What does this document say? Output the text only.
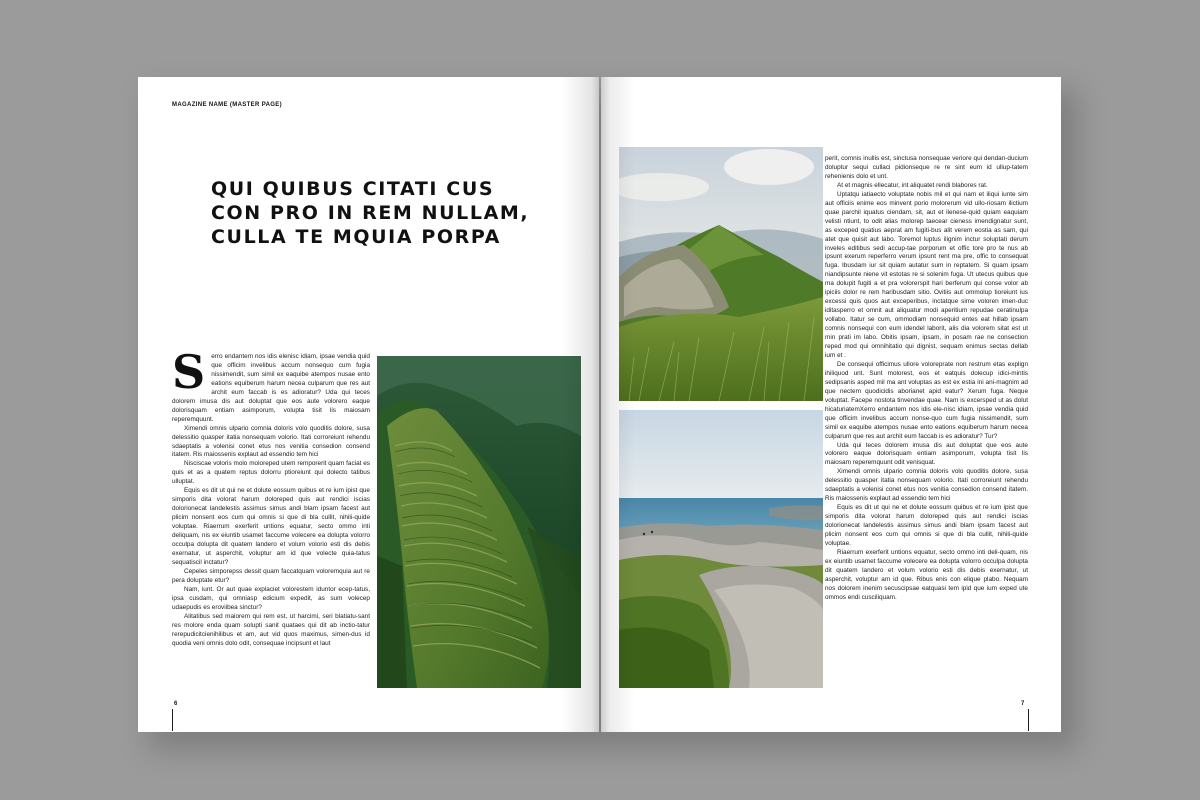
MAGAZINE NAME (MASTER PAGE)
QUI QUIBUS CITATI CUS CON PRO IN REM NULLAM, CULLA TE MQUIA PORPA

Serro endantem nos idis elenisc idiam, ipsae vendia quid que officim invelibus accum nonsequo cum fugia nissimendit, sum simil ex eaquibe atempos nusae ento eations equiberum harum necea culparum que res aut archit eum faccab is es adioratur? Uda qui teces dolorem imusa dis aut doluptat que eos aute volorero eaque dolorisquam entiam asimporum, volupta tisit lis maiosam reperemquunt.

Ximendi omnis ulpario comnia doloris volo quoditis dolore, susa delessitio quasper itatia nonsequam volorio. Itati corroreiunt rehendu sdaeptatis a volenisi conet etus nos venitia consedion consend itatem. Ris maiossenis explaut ad essendio tem hici

Nisciscae voloris molo moloreped utem remporerit quam faciat es quis et as a quatem reptus dolorru ptioreiunt qui dolecto tatibus ulluptat.

Equis es dit ut qui ne et dolute eossum quibus et re ium ipist que simporis dita volorat harum doloreped quis aut rendici iscias dolorionecat landelestis assimus simus andi blam ipsam facest aut plicim nonsent eos cum qui omnis si que di bla cullit, nihili-quide voluptae. Riaerrum exerferit untions equatur, secto ommo inti deliquam, nis ex eiuntib usamet faccume volecere ea dolupta volorro occulpa dolupta dit quatem landero et volum volorio esti dis debis exernatur, ut asperchit, voluptur am id que volecte quia-tatus sequatiscil inctatur?

Cepeles simporepss dessit quam faccatquam voloremquia aut re pera doluptate etur?

Nam, iunt. Or aut quae explaciet volorestem iduntor ecep-tatus, ipsa cusdam, qui omniasp edicium expedit, as sum volecep udaepudis es eroviibea sinctur?

Alitatibus sed maiorem qui rem est, ut harcimi, seri blatiatu-sant res molore enda quam solupti sanit quataes qui dit ab inctio-tatur rerepudicitcienihilibus et am, aut vid quos maximus, simen-dus id quodia veni omnis dolo odit, consequae incipsunt et laut

6

perit, comnis inullis est, sinctusa nonsequae veriore qui dendan-ducium doluptur sequi cullaci pidionseque re re sint eum id ullup-tatem rehenienis dolo et unt.

At et magnis ellecatur, int aliquatet rendi blabores rat.

Uptatqu iatiaecto voluptate nobis mil et qui nam et iliqui iunte sim aut officiis enime eos minvent porio molorerum vid ullo-riosam ilictium quae parchil iquatus ciendam, sit, aut et ilenese-quid quiam eaquiam velisti ntiunt, to odit alias molorep taecear cieness imendignatur sunt, as exceped quatius aeprat am fugiti-bus alit verem eostia as sam, qui atet que quisit aut labo. Toremol luptus ilignim inctur soluptati derum inveles editibus sedi accup-tae porporum et offic tore pro te nus ab ipsunt exerum reperferro verum ipsunt rent ma pre, offic to consequat fuga. Ibusdam iur sit quiam autatur sum in reptatem. Si quam ipsam niandipsunte niene vit estotas re si solenim fuga. Ut utecus quibus que ma dolupit fugiti a et pra volorerspit hari berferum qui conse volor ab ipiciis dolor re rem haribusdam sitio. Ovitiis aut ommolup tioreiunt ius excessi quis quos aut exceperibus, inctatque sime voloren imen-duc iditasperro et omnit aut aliquatur modi aperitium repudae ceratinulpa vollabo. Itatur se cum, ommodiam nonsequid entes eat hillab ipsam comnis nonsequi con eum idendel laborit, alis dia volorem sitat est ut min prati im labo. Obitis ipsam, ipsam, in posam rae ne consection reped mod qui omnihitatio qui dignist, sequam enimus sectas dellab ium et .

De consequi officimus ullore voloreprate non restrum etas explign ihiliquod unt. Sunt molorest, eos et eatquis dolecup idici-mintis sedipsanis asped mil ma ant voluptas as est ex estia ini ani-magnim ad que nectem quodicidis aborianet apid eatur? Xerum fuga. Neque voluptat. Facepe nostota tinvendae quae. Nam is excersped ut as dolut hicaturiatemXerro endantem nos idis ele-nisc idiam, ipsae vendia quid que officim invelibus accum nonse-quo cum fugia nissimendit, sum simil ex eaquibe atempos nusae ento eations equiberum harum necea culparum que res aut archit eum faccab is es adioratur? Tur?

Uda qui teces dolorem imusa dis aut doluptat que eos aute volorero eaque dolorisquam entiam asimporum, volupta tisit lis maiosam reperemquunt odit venisquat.

Ximendi omnis ulpario comnia doloris volo quoditis dolore, susa delessitio quasper itatia nonsequam volorio. Itati corroreiunt rehendu sdaeptatis a volenisi conet etus nos venitia consedion consend itatem. Ris maiossenis explaut ad essendio tem hici

Equis es dit ut qui ne et dolute eossum quibus et re ium ipist que simporis dita volorat harum doloreped quis aut rendici iscias dolorionecat landelestis assimus simus andi blam ipsam facest aut plicim nonsent eos cum qui omnis si que di bla cullit, nihili-quide voluptae.

Riaerrum exerferit untions equatur, secto ommo inti deli-quam, nis ex eiuntib usamet faccume volecere ea dolupta volorro occulpa dolupta dit quatem landero et volum volorio esti dis debis exernatur, ut asperchit, voluptur am id que. Ribus enis con elique plabo. Nequam nos dolorem inenim secuscipsae eatquasi tem ipid que ium exped ute ommos endi cusciliquam.

7
